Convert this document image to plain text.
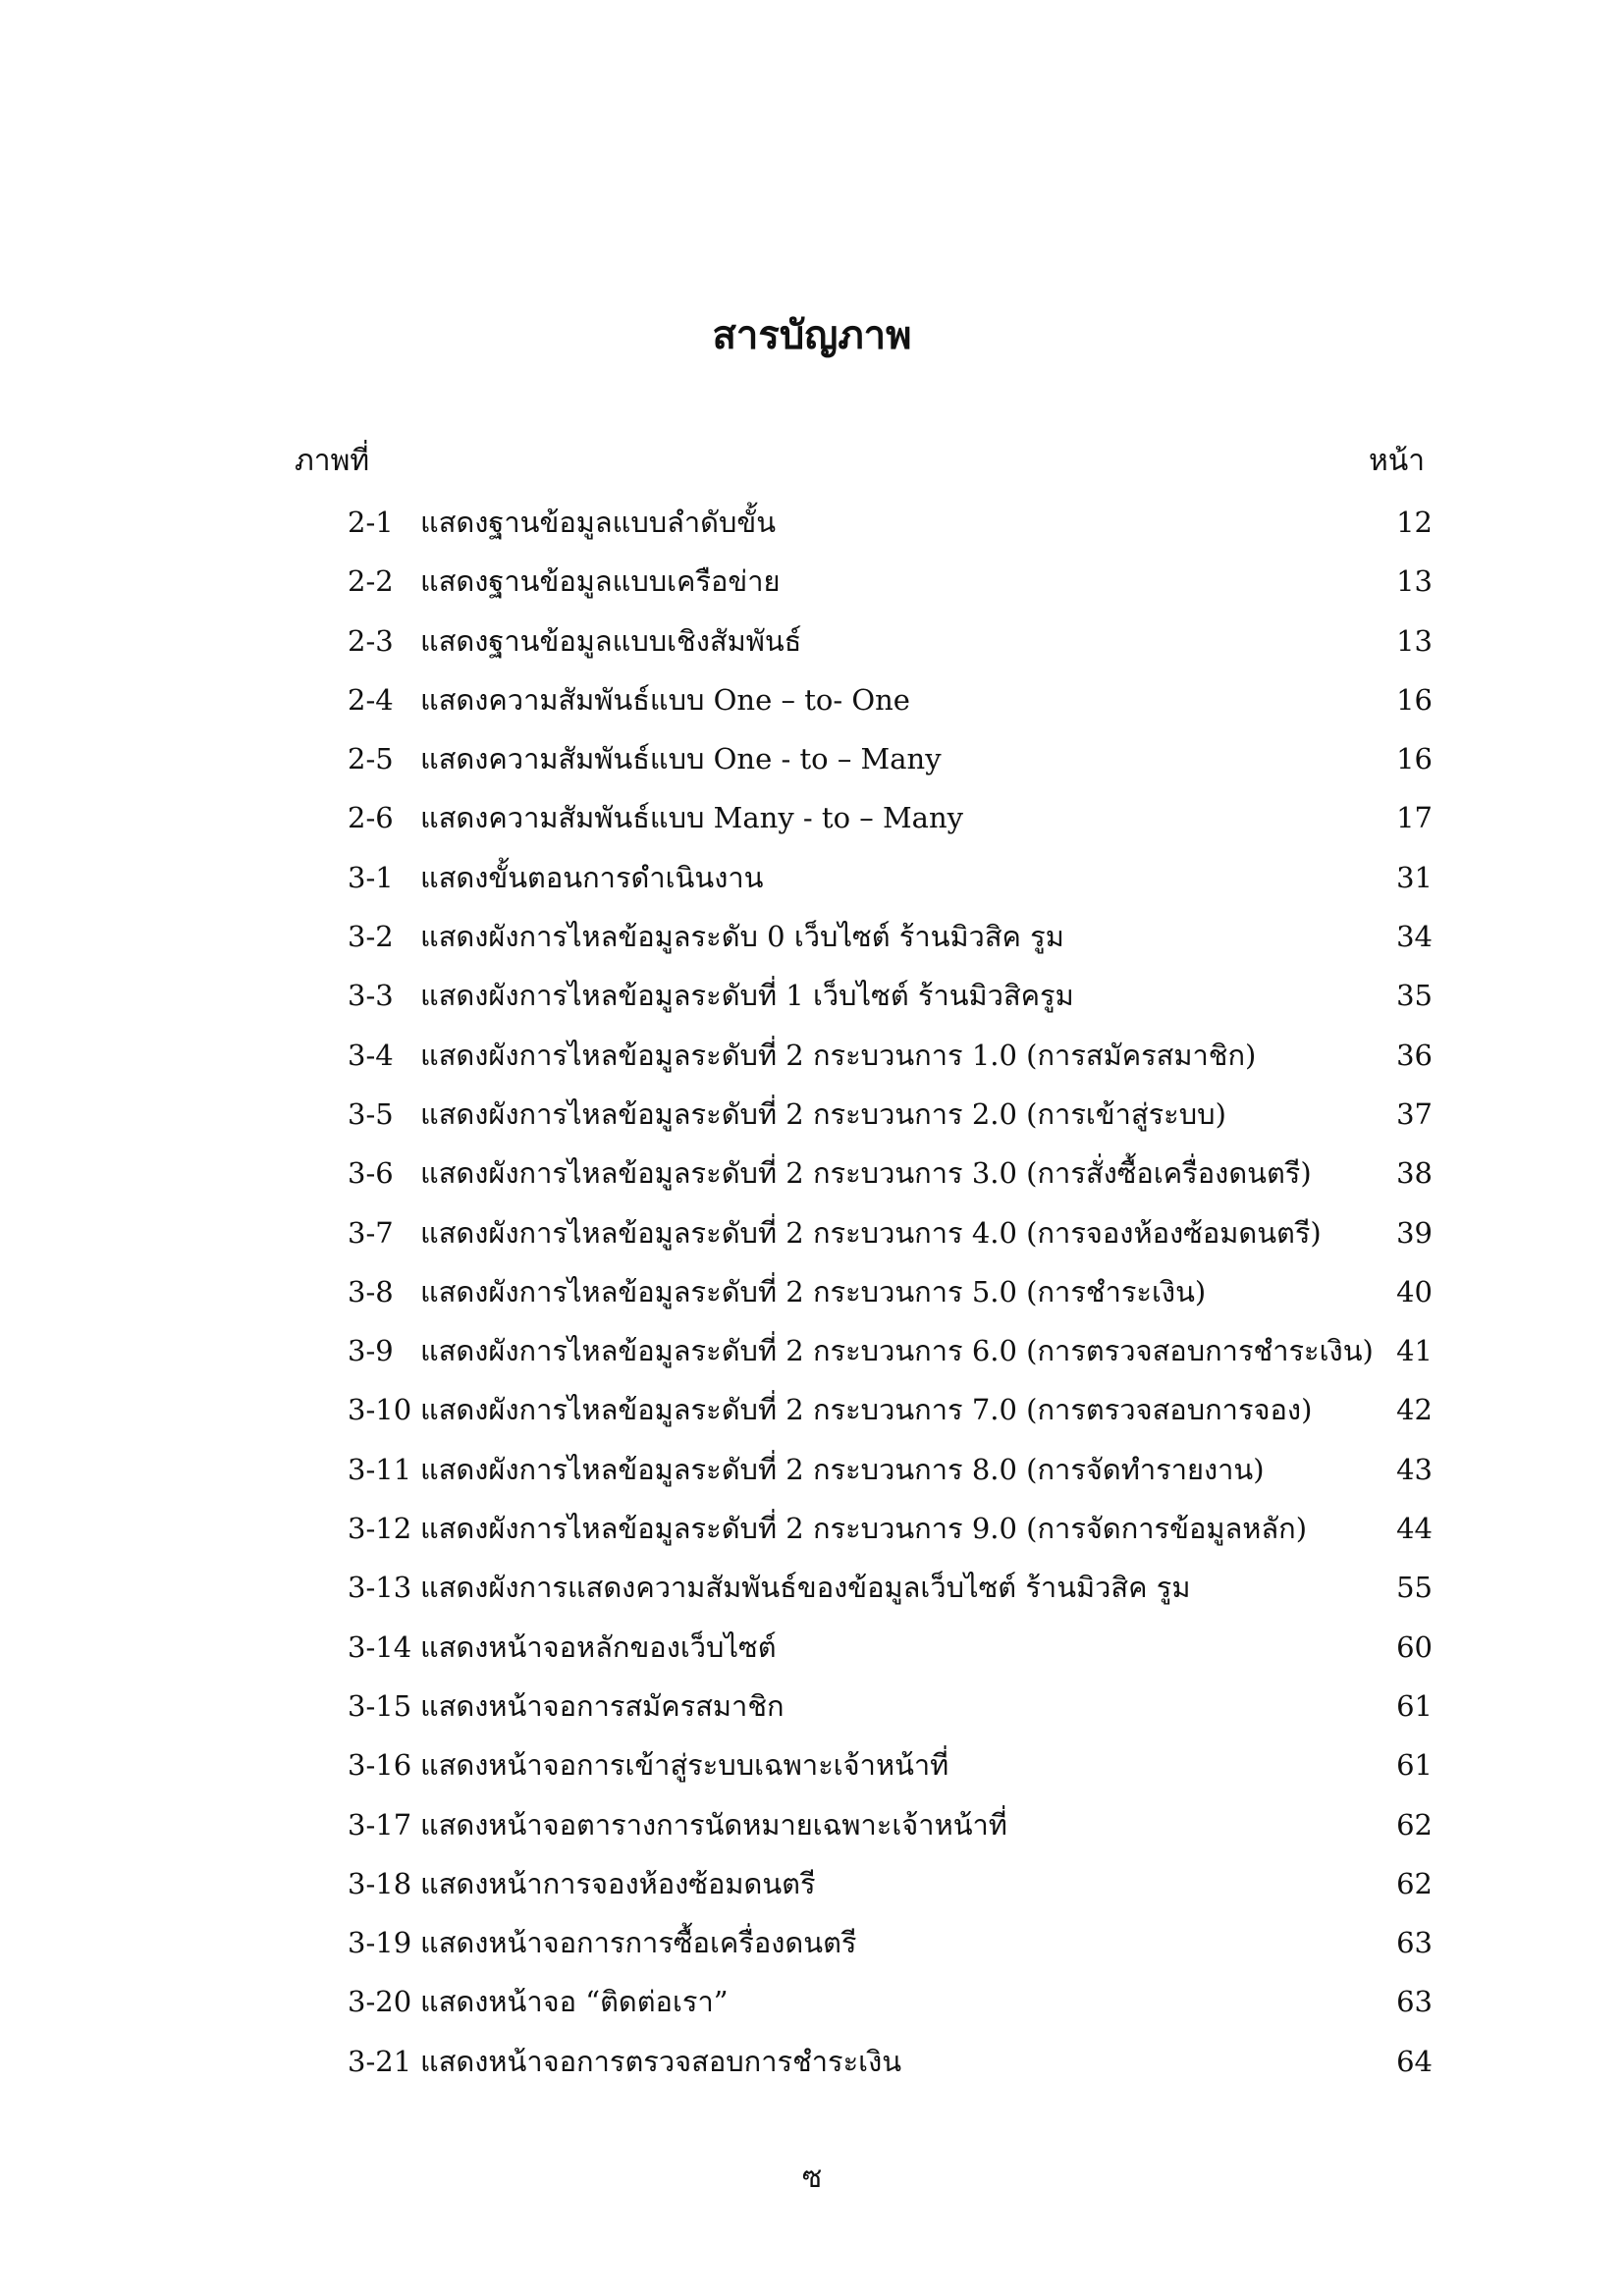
สารบัญภาพ
ภาพที่	หน้า
2-1 แสดงฐานข้อมูลแบบลำดับขั้น	12
2-2 แสดงฐานข้อมูลแบบเครือข่าย	13
2-3 แสดงฐานข้อมูลแบบเชิงสัมพันธ์	13
2-4 แสดงความสัมพันธ์แบบ One – to- One	16
2-5 แสดงความสัมพันธ์แบบ One - to – Many	16
2-6 แสดงความสัมพันธ์แบบ Many - to – Many	17
3-1 แสดงขั้นตอนการดำเนินงาน	31
3-2 แสดงผังการไหลข้อมูลระดับ 0 เว็บไซต์ ร้านมิวสิค รูม	34
3-3 แสดงผังการไหลข้อมูลระดับที่ 1 เว็บไซต์ ร้านมิวสิครูม	35
3-4 แสดงผังการไหลข้อมูลระดับที่ 2 กระบวนการ 1.0 (การสมัครสมาชิก)	36
3-5 แสดงผังการไหลข้อมูลระดับที่ 2 กระบวนการ 2.0 (การเข้าสู่ระบบ)	37
3-6 แสดงผังการไหลข้อมูลระดับที่ 2 กระบวนการ 3.0 (การสั่งซื้อเครื่องดนตรี)	38
3-7 แสดงผังการไหลข้อมูลระดับที่ 2 กระบวนการ 4.0 (การจองห้องซ้อมดนตรี)	39
3-8 แสดงผังการไหลข้อมูลระดับที่ 2 กระบวนการ 5.0 (การชำระเงิน)	40
3-9 แสดงผังการไหลข้อมูลระดับที่ 2 กระบวนการ 6.0 (การตรวจสอบการชำระเงิน) 41
3-10 แสดงผังการไหลข้อมูลระดับที่ 2 กระบวนการ 7.0 (การตรวจสอบการจอง)	42
3-11 แสดงผังการไหลข้อมูลระดับที่ 2 กระบวนการ 8.0 (การจัดทำรายงาน)	43
3-12 แสดงผังการไหลข้อมูลระดับที่ 2 กระบวนการ 9.0 (การจัดการข้อมูลหลัก)	44
3-13 แสดงผังการแสดงความสัมพันธ์ของข้อมูลเว็บไซต์ ร้านมิวสิค รูม	55
3-14 แสดงหน้าจอหลักของเว็บไซต์	60
3-15 แสดงหน้าจอการสมัครสมาชิก	61
3-16 แสดงหน้าจอการเข้าสู่ระบบเฉพาะเจ้าหน้าที่	61
3-17 แสดงหน้าจอตารางการนัดหมายเฉพาะเจ้าหน้าที่	62
3-18 แสดงหน้าการจองห้องซ้อมดนตรี	62
3-19 แสดงหน้าจอการการซื้อเครื่องดนตรี	63
3-20 แสดงหน้าจอ “ติดต่อเรา”	63
3-21 แสดงหน้าจอการตรวจสอบการชำระเงิน	64
ซ
